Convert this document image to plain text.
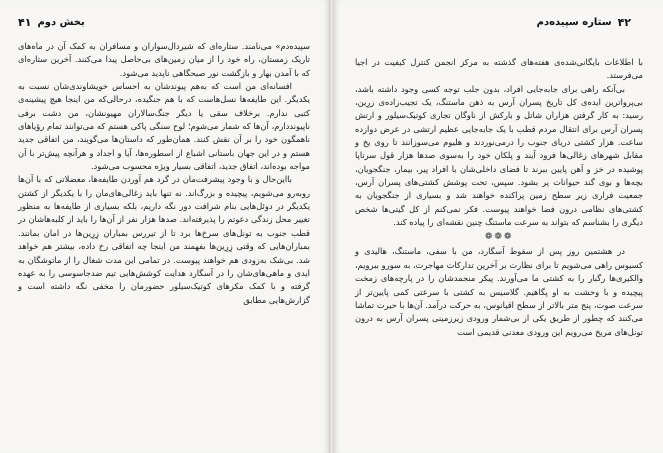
بخش دوم
۴۱

سپیده‌دم» می‌نامند. ستاره‌ای که شیردال‌سواران و مسافران به کمک آن در ماه‌های تاریک زمستان، راه خود را از میان زمین‌های بی‌حاصل پیدا می‌کنند. آخرین ستاره‌ای که با آمدن بهار و بازگشت نور صبحگاهی ناپدید می‌شود.

افسانه‌ای من است که به‌هم پیوندشان به احساس خویشاوندی‌شان نسبت به یکدیگر. این طایفه‌ها نسل‌هاست که با هم جنگیده، درحالی‌که من اینجا هیچ پیشینه‌ی کتبی ندارم. برخلاف سقی یا دیگر جنگ‌سالاران مهیونشان، من دشت برفی ناپیونددارم، آن‌ها که شمار می‌شوم؛ لوح سنگی پاکی هستم که می‌توانند تمام رؤیاهای ناهمگون خود را بر آن نقش کنند. همان‌طور که داستان‌ها می‌گویند، من اتفاقی جدید هستم و در این جهان باستانی اشباع از اسطوره‌ها، آیا و اجداد و هرآنچه پیش‌تر با آن مواجه بوده‌اند، اتفاق جدید، اتفاقی بسیار ویژه محسوب می‌شود.

بااین‌حال و با وجود پیشرفت‌مان در گرد هم آوردن طایفه‌ها، معضلاتی که با آن‌ها روبه‌رو می‌شویم، پیچیده و بزرگ‌اند. نه تنها باید زغالی‌های‌مان را با یکدیگر از کشتن یکدیگر در دوئل‌هایی بنام شرافت دور نگه داریم، بلکه بسیاری از طایفه‌ها به منظور تغییر محل زندگی دعوتم را پذیرفته‌اند. صدها هزار نفر از آن‌ها را باید از کلبه‌هاشان در قطب جنوب به تونل‌های سرخ‌ها برد تا از تیررس بمباران زِرِین‌ها در امان بمانند. بمباران‌هایی که وقتی زِرِین‌ها بفهمند من اینجا چه اتفاقی رخ داده، بیشتر هم خواهد شد. بی‌شک به‌زودی هم خواهند پیوست. در تمامی این مدت شغال را از ماتوشگان به ایدی و ماهی‌های‌شان را در آسگارد هدایت کوشش‌هایی تیم ضدجاسوسی را به عهده گرفته و با کمک مکرهای کوتیک‌سیلور حضورمان را مخفی نگه داشته است و گزارش‌هایی مطابق

۴۲
ستاره سپیده‌دم

با اطلاعات بایگانی‌شده‌ی هفته‌های گذشته به مرکز انجمن کنترل کیفیت در اجیا می‌فرستد.

بی‌آنکه راهی برای جابه‌جایی افراد، بدون جلب توجه کسی وجود داشته باشد، بی‌پروا‌ترین ایده‌ی کل تاریخ پسران آرس به ذهن ماستنگ، یک تجیب‌زاده‌ی زرِین، رسید: به کار گرفتن هزاران شاتل و بارکش از ناوگان تجاری کوتیک‌سیلور و ارتش پسران آرس برای انتقال مردم قطب با یک جابه‌جایی عظیم ارتشی در عرض دوازده ساعت. هزار کشتی دریای جنوب را درمی‌نوردند و هلیوم می‌سوزانند تا روی یخ و مقابل شهرهای زغالی‌ها فرود آیند و پلکان خود را به‌سوی صدها هزار قول سرتاپا پوشیده در خز و آهن پایین ببرند تا فضای داخلی‌شان با افراد پیر، بیمار، جنگجویان، بچه‌ها و بوی گند حیوانات پر بشود. سپس، تحت پوشش کشتی‌های پسران آرس، جمعیت فراری زیر سطح زمین پراکنده خواهند شد و بسیاری از جنگجویان به کشتی‌های نظامی درون فضا خواهند پیوست. فکر نمی‌کنم از کل گیتی‌ها شخص دیگری را بشناسم که بتواند به سرعت ماستنگ چنین نقشه‌ای را پیاده کند.

❁❁❁

در هشتمین روز پس از سقوط آسگارد، من با سفی، ماستنگ، هالیدی و کسیوس راهی می‌شویم تا برای نظارت بر آخرین تدارکات مهاجرت، به سورو ببرویم، والکیری‌ها رگبار را به کشتی ما می‌آورند. پیکر منجمدشان را در پارچه‌های زمخت پیچیده و با وحشت به او پگاهیم. گلاسیس به کشتی با سرعتی کمی پایین‌تر از سرعت صوت، پنج متر بالاتر از سطح اقیانوس، به حرکت درآمد. آن‌ها با حیرت تماشا می‌کنند که چطور از طریق یکی از بی‌شمار ورودی زیرزمینی پسران آرس به درون تونل‌های مریخ می‌رویم این ورودی معدنی قدیمی است
